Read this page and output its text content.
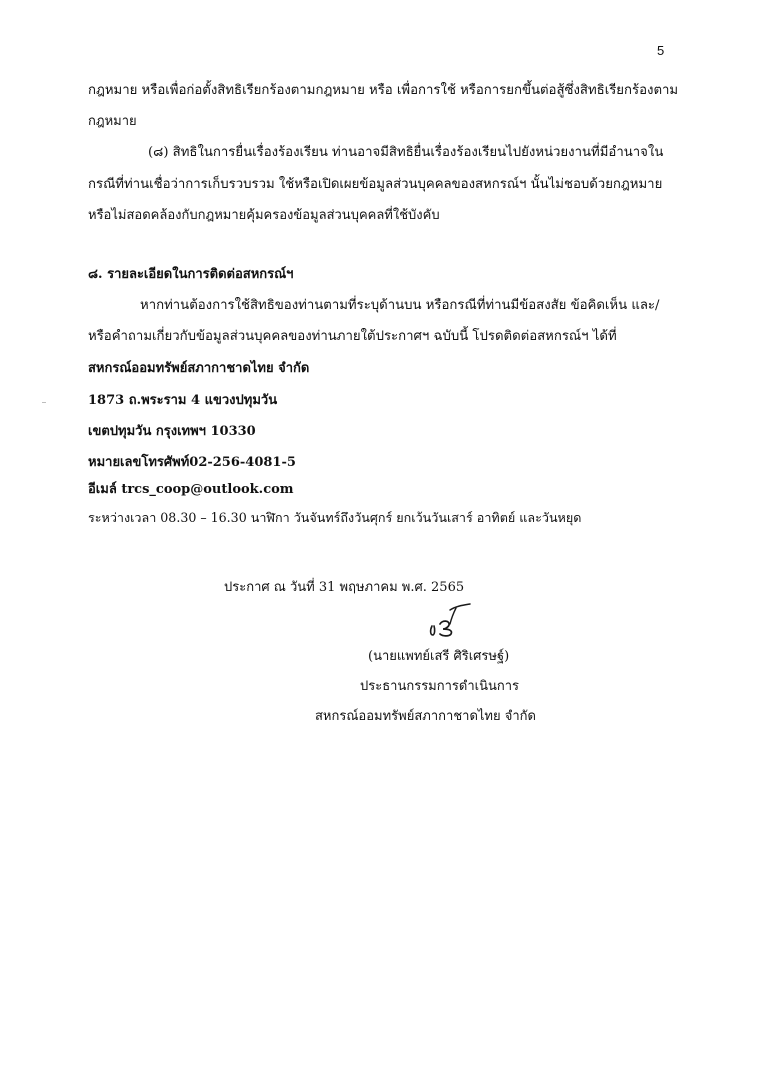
5
กฎหมาย หรือเพื่อก่อตั้งสิทธิเรียกร้องตามกฎหมาย หรือ เพื่อการใช้ หรือการยกขึ้นต่อสู้ซึ่งสิทธิเรียกร้องตาม
กฎหมาย
(๘) สิทธิในการยื่นเรื่องร้องเรียน ท่านอาจมีสิทธิยื่นเรื่องร้องเรียนไปยังหน่วยงานที่มีอำนาจใน
กรณีที่ท่านเชื่อว่าการเก็บรวบรวม ใช้หรือเปิดเผยข้อมูลส่วนบุคคลของสหกรณ์ฯ นั้นไม่ชอบด้วยกฎหมาย
หรือไม่สอดคล้องกับกฎหมายคุ้มครองข้อมูลส่วนบุคคลที่ใช้บังคับ
๘. รายละเอียดในการติดต่อสหกรณ์ฯ
หากท่านต้องการใช้สิทธิของท่านตามที่ระบุด้านบน หรือกรณีที่ท่านมีข้อสงสัย ข้อคิดเห็น และ/
หรือคำถามเกี่ยวกับข้อมูลส่วนบุคคลของท่านภายใต้ประกาศฯ ฉบับนี้ โปรดติดต่อสหกรณ์ฯ ได้ที่
สหกรณ์ออมทรัพย์สภากาชาดไทย จำกัด
1873 ถ.พระราม 4 แขวงปทุมวัน
เขตปทุมวัน กรุงเทพฯ 10330
หมายเลขโทรศัพท์02-256-4081-5
อีเมล์ trcs_coop@outlook.com
ระหว่างเวลา 08.30 – 16.30 นาฬิกา วันจันทร์ถึงวันศุกร์ ยกเว้นวันเสาร์ อาทิตย์ และวันหยุด
ประกาศ ณ วันที่ 31 พฤษภาคม พ.ศ. 2565
(นายแพทย์เสรี ศิริเศรษฐ์)
ประธานกรรมการดำเนินการ
สหกรณ์ออมทรัพย์สภากาชาดไทย จำกัด
